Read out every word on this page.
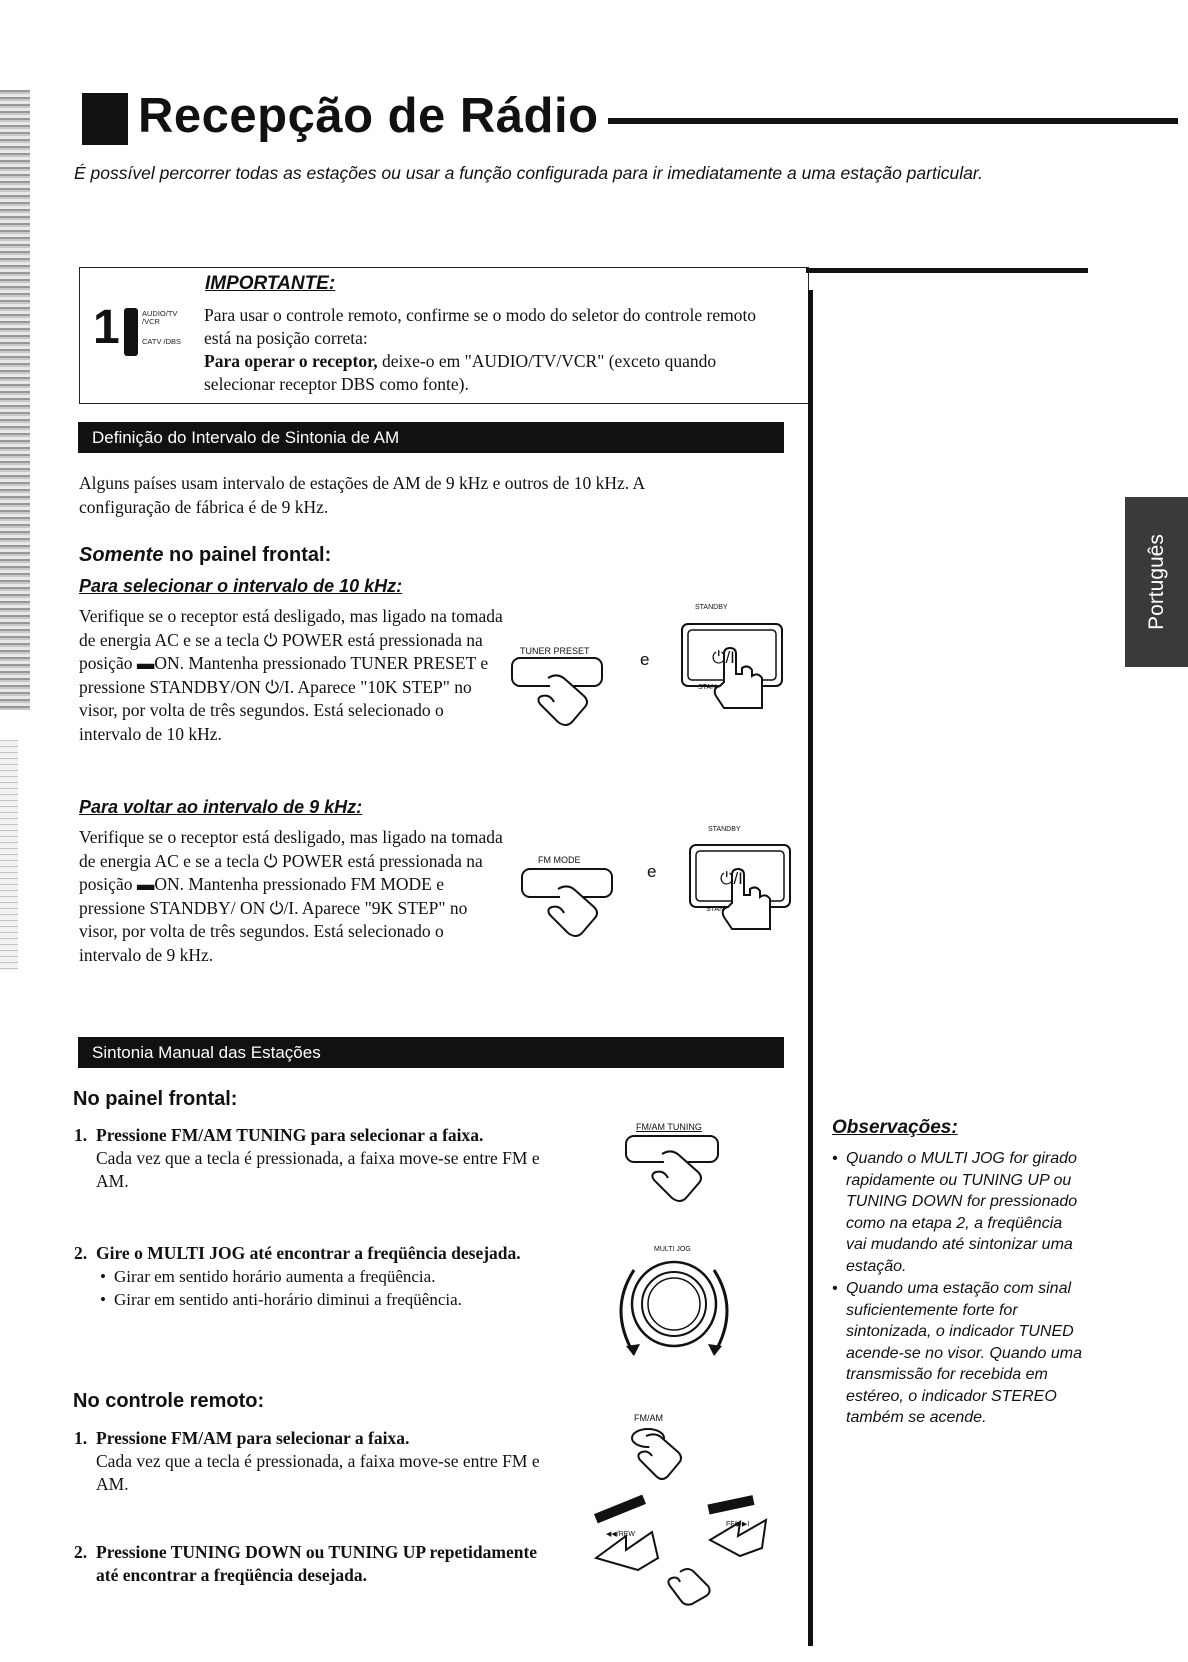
Recepção de Rádio
É possível percorrer todas as estações ou usar a função configurada para ir imediatamente a uma estação particular.
1	AUDIO/TV /VCR
CATV /DBS
IMPORTANTE:
Para usar o controle remoto, confirme se o modo do seletor do controle remoto está na posição correta:
Para operar o receptor, deixe-o em "AUDIO/TV/VCR" (exceto quando selecionar receptor DBS como fonte).
Português
Definição do Intervalo de Sintonia de AM
Alguns países usam intervalo de estações de AM de 9 kHz e outros de 10 kHz. A configuração de fábrica é de 9 kHz.
Somente no painel frontal:
Para selecionar o intervalo de 10 kHz:
Verifique se o receptor está desligado, mas ligado na tomada de energia AC e se a tecla ⏻ POWER está pressionada na posição ▬ON. Mantenha pressionado TUNER PRESET e pressione STANDBY/ON ⏻/I. Aparece "10K STEP" no visor, por volta de três segundos. Está selecionado o intervalo de 10 kHz.
Para voltar ao intervalo de 9 kHz:
Verifique se o receptor está desligado, mas ligado na tomada de energia AC e se a tecla ⏻ POWER está pressionada na posição ▬ON. Mantenha pressionado FM MODE e pressione STANDBY/ ON ⏻/I. Aparece "9K STEP" no visor, por volta de três segundos. Está selecionado o intervalo de 9 kHz.
TUNER PRESET	e
STANDBY
⏻/I
STAN
FM MODE
e
STANDBY
⏻/I
STAN
Sintonia Manual das Estações
No painel frontal:
1. Pressione FM/AM TUNING para selecionar a faixa.
Cada vez que a tecla é pressionada, a faixa move-se entre FM e AM.
2. Gire o MULTI JOG até encontrar a freqüência desejada.
• Girar em sentido horário aumenta a freqüência.
• Girar em sentido anti-horário diminui a freqüência.
FM/AM TUNING
MULTI JOG
No controle remoto:
1. Pressione FM/AM para selecionar a faixa.
Cada vez que a tecla é pressionada, a faixa move-se entre FM e AM.
2. Pressione TUNING DOWN ou TUNING UP repetidamente até encontrar a freqüência desejada.
FM/AM
◀◀/REW
FF/▶▶I
Observações:
• Quando o MULTI JOG for girado rapidamente ou TUNING UP ou TUNING DOWN for pressionado como na etapa 2, a freqüência vai mudando até sintonizar uma estação.
• Quando uma estação com sinal suficientemente forte for sintonizada, o indicador TUNED acende-se no visor. Quando uma transmissão for recebida em estéreo, o indicador STEREO também se acende.
